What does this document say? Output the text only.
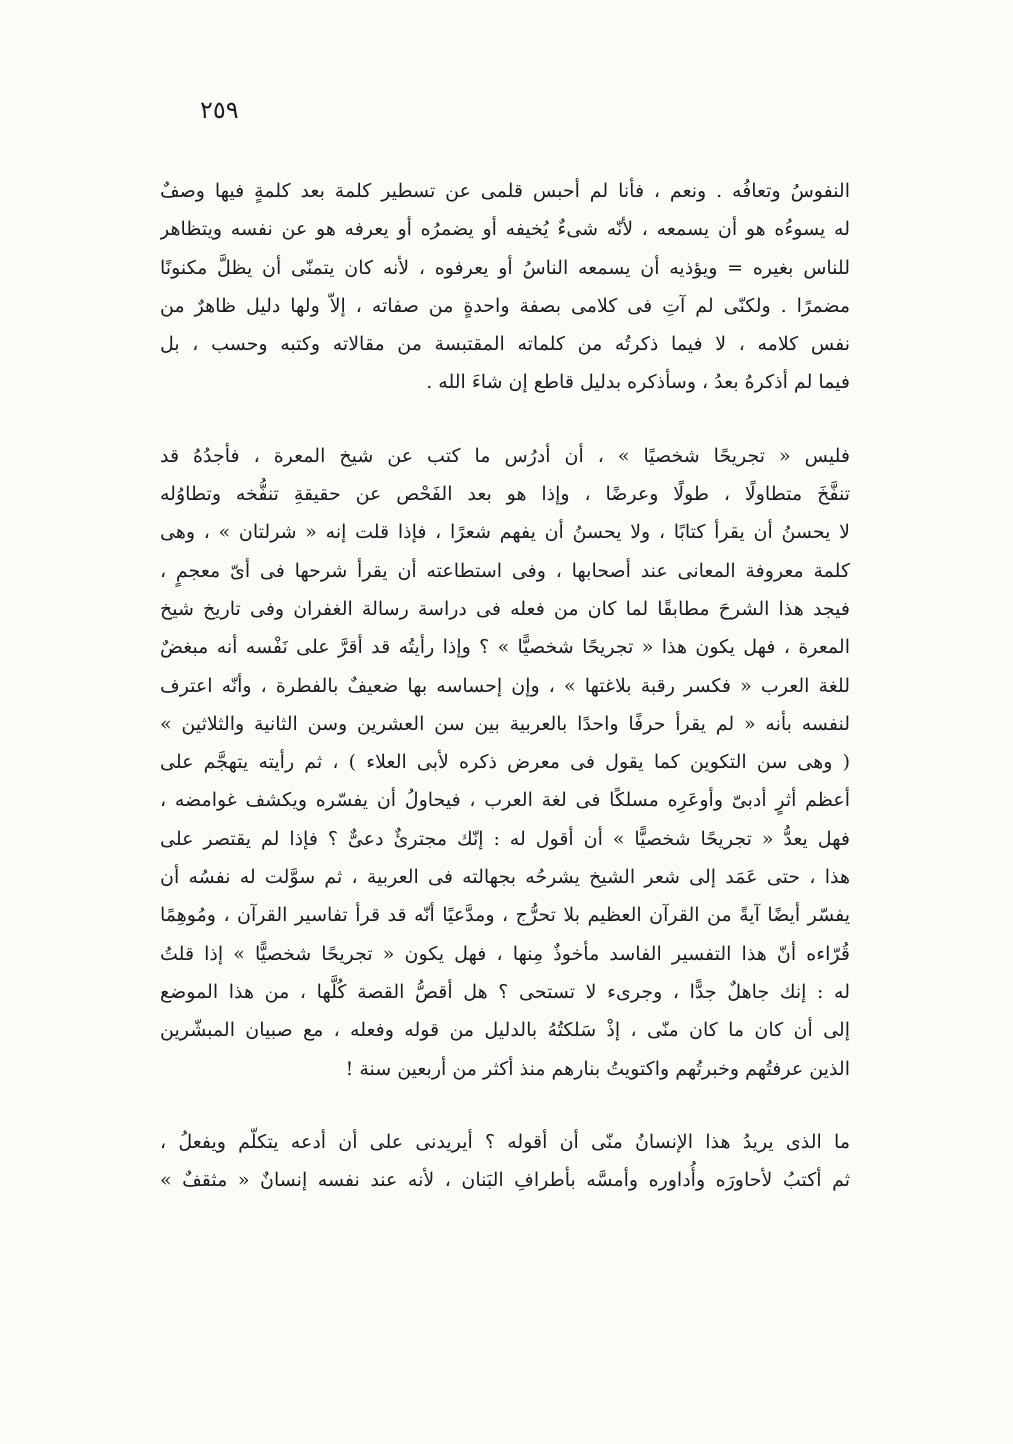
٢٥٩
النفوسُ وتعافُه . ونعم ، فأنا لم أحبس قلمى عن تسطير كلمة بعد كلمةٍ فيها وصفٌ
له يسوءُه هو أن يسمعه ، لأنّه شىءٌ يُخيفه أو يضمرُه أو يعرفه هو عن نفسه ويتظاهر
للناس بغيره = ويؤذيه أن يسمعه الناسُ أو يعرفوه ، لأنه كان يتمنّى أن يظلَّ مكنونًا
مضمرًا . ولكنّى لم آتِ فى كلامى بصفة واحدةٍ من صفاته ، إلاّ ولها دليل ظاهرٌ من
نفس كلامه ، لا فيما ذكرتُه من كلماته المقتبسة من مقالاته وكتبه وحسب ، بل
فيما لم أذكرهُ بعدُ ، وسأذكره بدليل قاطع إن شاءَ الله .
فليس « تجريحًا شخصيًا » ، أن أدرُس ما كتب عن شيخ المعرة ، فأجدُهُ قد
تنفَّخَ متطاولًا ، طولًا وعرضًا ، وإذا هو بعد الفَحْص عن حقيقةِ تنفُّخه وتطاوُله
لا يحسنُ أن يقرأ كتابًا ، ولا يحسنُ أن يفهم شعرًا ، فإذا قلت إنه « شرلتان » ، وهى
كلمة معروفة المعانى عند أصحابها ، وفى استطاعته أن يقرأ شرحها فى أىّ معجمٍ ،
فيجد هذا الشرحَ مطابقًا لما كان من فعله فى دراسة رسالة الغفران وفى تاريخ شيخ
المعرة ، فهل يكون هذا « تجريحًا شخصيًّا » ؟ وإذا رأيتُه قد أقرَّ على نَفْسه أنه مبغضٌ
للغة العرب « فكسر رقبة بلاغتها » ، وإن إحساسه بها ضعيفٌ بالفطرة ، وأنّه اعترف
لنفسه بأنه « لم يقرأ حرفًا واحدًا بالعربية بين سن العشرين وسن الثانية والثلاثين »
( وهى سن التكوين كما يقول فى معرض ذكره لأبى العلاء ) ، ثم رأيته يتهجَّم على
أعظم أثرٍ أدبىّ وأوعَرِه مسلكًا فى لغة العرب ، فيحاولُ أن يفسّره ويكشف غوامضه ،
فهل يعدُّ « تجريحًا شخصيًّا » أن أقول له : إنّك مجترئٌ دعىٌّ ؟ فإذا لم يقتصر على
هذا ، حتى عَمَد إلى شعر الشيخ يشرحُه بجهالته فى العربية ، ثم سوَّلت له نفسُه أن
يفسّر أيضًا آيةً من القرآن العظيم بلا تحرُّج ، ومدَّعيًا أنّه قد قرأ تفاسير القرآن ، ومُوهِمًا
قُرّاءه أنّ هذا التفسير الفاسد مأخوذٌ مِنها ، فهل يكون « تجريحًا شخصيًّا » إذا قلتُ
له : إنك جاهلٌ جدًّا ، وجرىء لا تستحى ؟ هل أقصُّ القصة كُلَّها ، من هذا الموضع
إلى أن كان ما كان منّى ، إذْ سَلكتُهُ بالدليل من قوله وفعله ، مع صبيان المبشّرين
الذين عرفتُهم وخبرتُهم واكتويتُ بنارهم منذ أكثر من أربعين سنة !
ما الذى يريدُ هذا الإنسانُ منّى أن أقوله ؟ أيريدنى على أن أدعه يتكلّم ويفعلُ ،
ثم أكتبُ لأحاورَه وأُداوره وأمسَّه بأطرافِ البَنان ، لأنه عند نفسه إنسانٌ « مثقفٌ »
